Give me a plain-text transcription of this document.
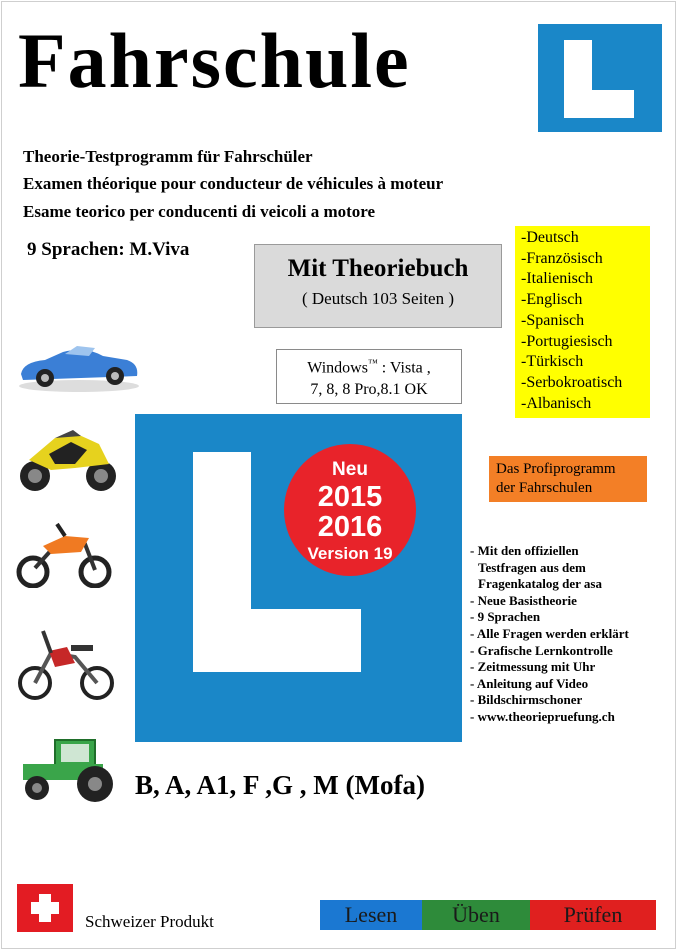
Fahrschule
Theorie-Testprogramm für Fahrschüler
Examen théorique pour conducteur de véhicules à moteur
Esame teorico per conducenti di veicoli a motore
9 Sprachen: M.Viva
Mit Theoriebuch
( Deutsch 103 Seiten )
-Deutsch
-Französisch
-Italienisch
-Englisch
-Spanisch
-Portugiesisch
-Türkisch
-Serbokroatisch
-Albanisch
Windows™ : Vista ,
7, 8, 8 Pro,8.1 OK
Neu
2015
2016
Version 19
Das Profiprogramm
der Fahrschulen
- Mit den offiziellen
Testfragen aus dem
Fragenkatalog der asa
- Neue Basistheorie
- 9 Sprachen
- Alle Fragen werden erklärt
- Grafische Lernkontrolle
- Zeitmessung mit Uhr
- Anleitung auf Video
- Bildschirmschoner
- www.theoriepruefung.ch
B, A, A1, F ,G , M (Mofa)
Schweizer Produkt	Lesen	Üben	Prüfen
